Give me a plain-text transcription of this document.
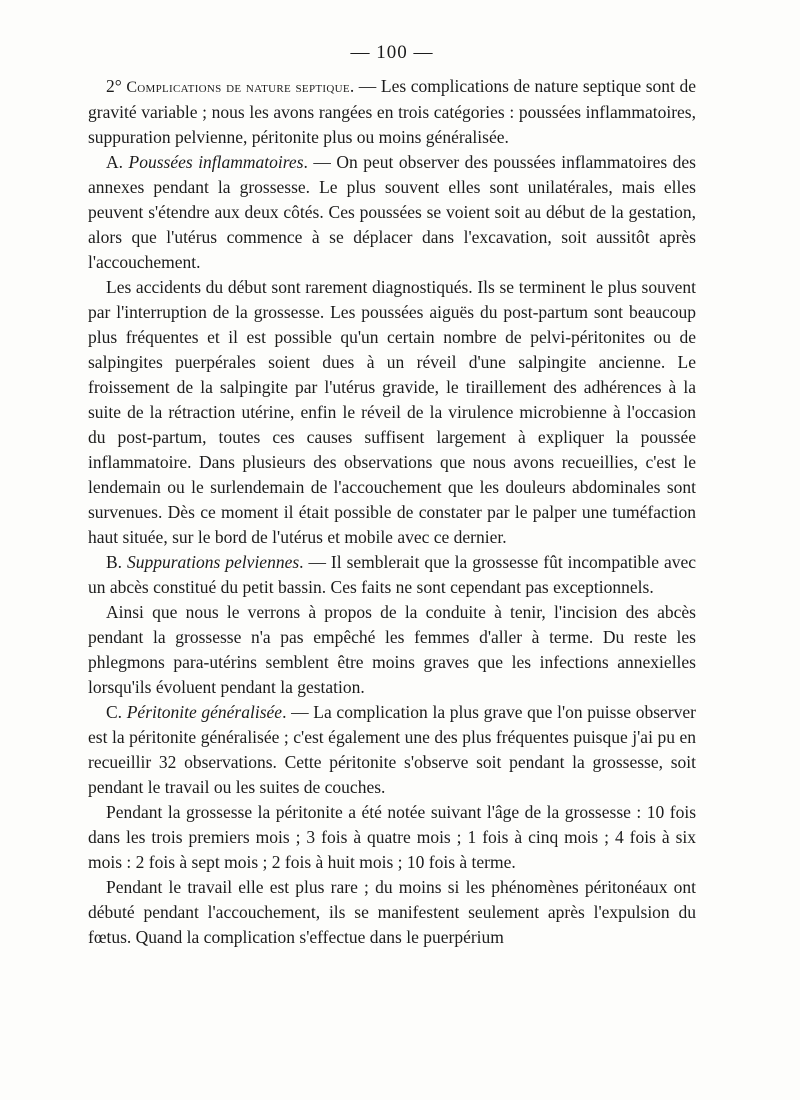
— 100 —

2° Complications de nature septique. — Les complications de nature septique sont de gravité variable ; nous les avons rangées en trois catégories : poussées inflammatoires, suppuration pelvienne, péritonite plus ou moins généralisée.

A. Poussées inflammatoires. — On peut observer des poussées inflammatoires des annexes pendant la grossesse. Le plus souvent elles sont unilatérales, mais elles peuvent s'étendre aux deux côtés. Ces poussées se voient soit au début de la gestation, alors que l'utérus commence à se déplacer dans l'excavation, soit aussitôt après l'accouchement.

Les accidents du début sont rarement diagnostiqués. Ils se terminent le plus souvent par l'interruption de la grossesse. Les poussées aiguës du post-partum sont beaucoup plus fréquentes et il est possible qu'un certain nombre de pelvi-péritonites ou de salpingites puerpérales soient dues à un réveil d'une salpingite ancienne. Le froissement de la salpingite par l'utérus gravide, le tiraillement des adhérences à la suite de la rétraction utérine, enfin le réveil de la virulence microbienne à l'occasion du post-partum, toutes ces causes suffisent largement à expliquer la poussée inflammatoire. Dans plusieurs des observations que nous avons recueillies, c'est le lendemain ou le surlendemain de l'accouchement que les douleurs abdominales sont survenues. Dès ce moment il était possible de constater par le palper une tuméfaction haut située, sur le bord de l'utérus et mobile avec ce dernier.

B. Suppurations pelviennes. — Il semblerait que la grossesse fût incompatible avec un abcès constitué du petit bassin. Ces faits ne sont cependant pas exceptionnels.

Ainsi que nous le verrons à propos de la conduite à tenir, l'incision des abcès pendant la grossesse n'a pas empêché les femmes d'aller à terme. Du reste les phlegmons para-utérins semblent être moins graves que les infections annexielles lorsqu'ils évoluent pendant la gestation.

C. Péritonite généralisée. — La complication la plus grave que l'on puisse observer est la péritonite généralisée ; c'est également une des plus fréquentes puisque j'ai pu en recueillir 32 observations. Cette péritonite s'observe soit pendant la grossesse, soit pendant le travail ou les suites de couches.

Pendant la grossesse la péritonite a été notée suivant l'âge de la grossesse : 10 fois dans les trois premiers mois ; 3 fois à quatre mois ; 1 fois à cinq mois ; 4 fois à six mois : 2 fois à sept mois ; 2 fois à huit mois ; 10 fois à terme.

Pendant le travail elle est plus rare ; du moins si les phénomènes péritonéaux ont débuté pendant l'accouchement, ils se manifestent seulement après l'expulsion du fœtus. Quand la complication s'effectue dans le puerpérium
